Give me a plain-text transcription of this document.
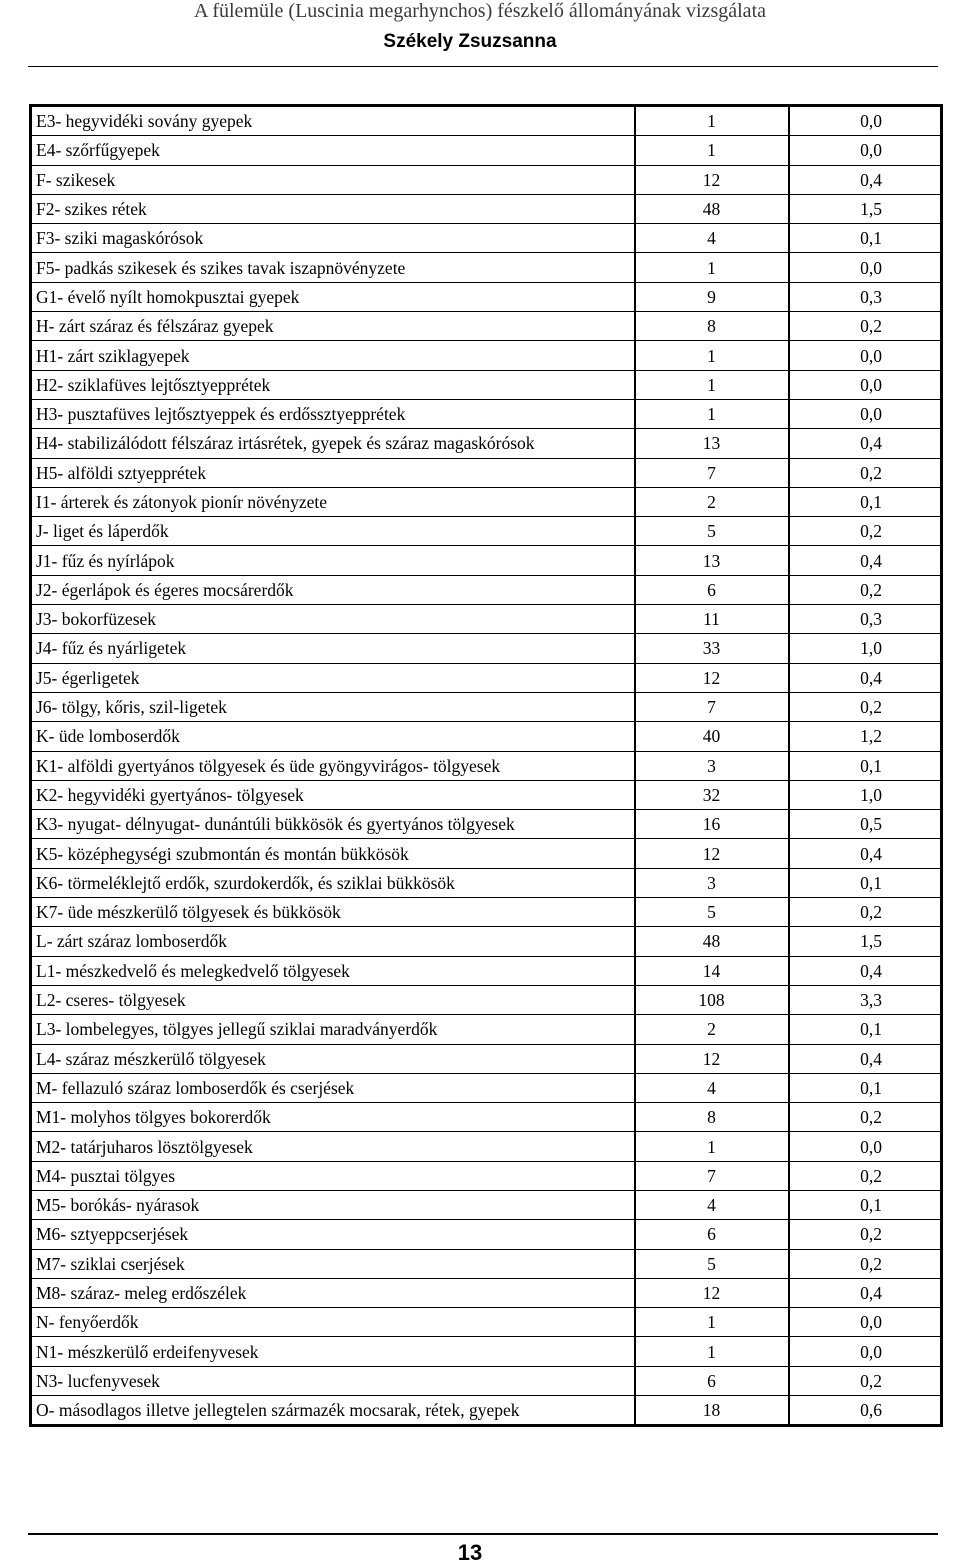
A fülemüle (Luscinia megarhynchos) fészkelő állományának vizsgálata
Székely Zsuzsanna
E3- hegyvidéki sovány gyepek	1	0,0
E4- szőrfűgyepek	1	0,0
F- szikesek	12	0,4
F2- szikes rétek	48	1,5
F3- sziki magaskórósok	4	0,1
F5- padkás szikesek és szikes tavak iszapnövényzete	1	0,0
G1- évelő nyílt homokpusztai gyepek	9	0,3
H- zárt száraz és félszáraz gyepek	8	0,2
H1- zárt sziklagyepek	1	0,0
H2- sziklafüves lejtősztyepprétek	1	0,0
H3- pusztafüves lejtősztyeppek és erdőssztyepprétek	1	0,0
H4- stabilizálódott félszáraz irtásrétek, gyepek és száraz magaskórósok	13	0,4
H5- alföldi sztyepprétek	7	0,2
I1- árterek és zátonyok pionír növényzete	2	0,1
J- liget és láperdők	5	0,2
J1- fűz és nyírlápok	13	0,4
J2- égerlápok és égeres mocsárerdők	6	0,2
J3- bokorfüzesek	11	0,3
J4- fűz és nyárligetek	33	1,0
J5- égerligetek	12	0,4
J6- tölgy, kőris, szil-ligetek	7	0,2
K- üde lomboserdők	40	1,2
K1- alföldi gyertyános tölgyesek és üde gyöngyvirágos- tölgyesek	3	0,1
K2- hegyvidéki gyertyános- tölgyesek	32	1,0
K3- nyugat- délnyugat- dunántúli bükkösök és gyertyános tölgyesek	16	0,5
K5- középhegységi szubmontán és montán bükkösök	12	0,4
K6- törmeléklejtő erdők, szurdokerdők, és sziklai bükkösök	3	0,1
K7- üde mészkerülő tölgyesek és bükkösök	5	0,2
L- zárt száraz lomboserdők	48	1,5
L1- mészkedvelő és melegkedvelő tölgyesek	14	0,4
L2- cseres- tölgyesek	108	3,3
L3- lombelegyes, tölgyes jellegű sziklai maradványerdők	2	0,1
L4- száraz mészkerülő tölgyesek	12	0,4
M- fellazuló száraz lomboserdők és cserjések	4	0,1
M1- molyhos tölgyes bokorerdők	8	0,2
M2- tatárjuharos lösztölgyesek	1	0,0
M4- pusztai tölgyes	7	0,2
M5- borókás- nyárasok	4	0,1
M6- sztyeppcserjések	6	0,2
M7- sziklai cserjések	5	0,2
M8- száraz- meleg erdőszélek	12	0,4
N- fenyőerdők	1	0,0
N1- mészkerülő erdeifenyvesek	1	0,0
N3- lucfenyvesek	6	0,2
O- másodlagos illetve jellegtelen származék mocsarak, rétek, gyepek	18	0,6
13
